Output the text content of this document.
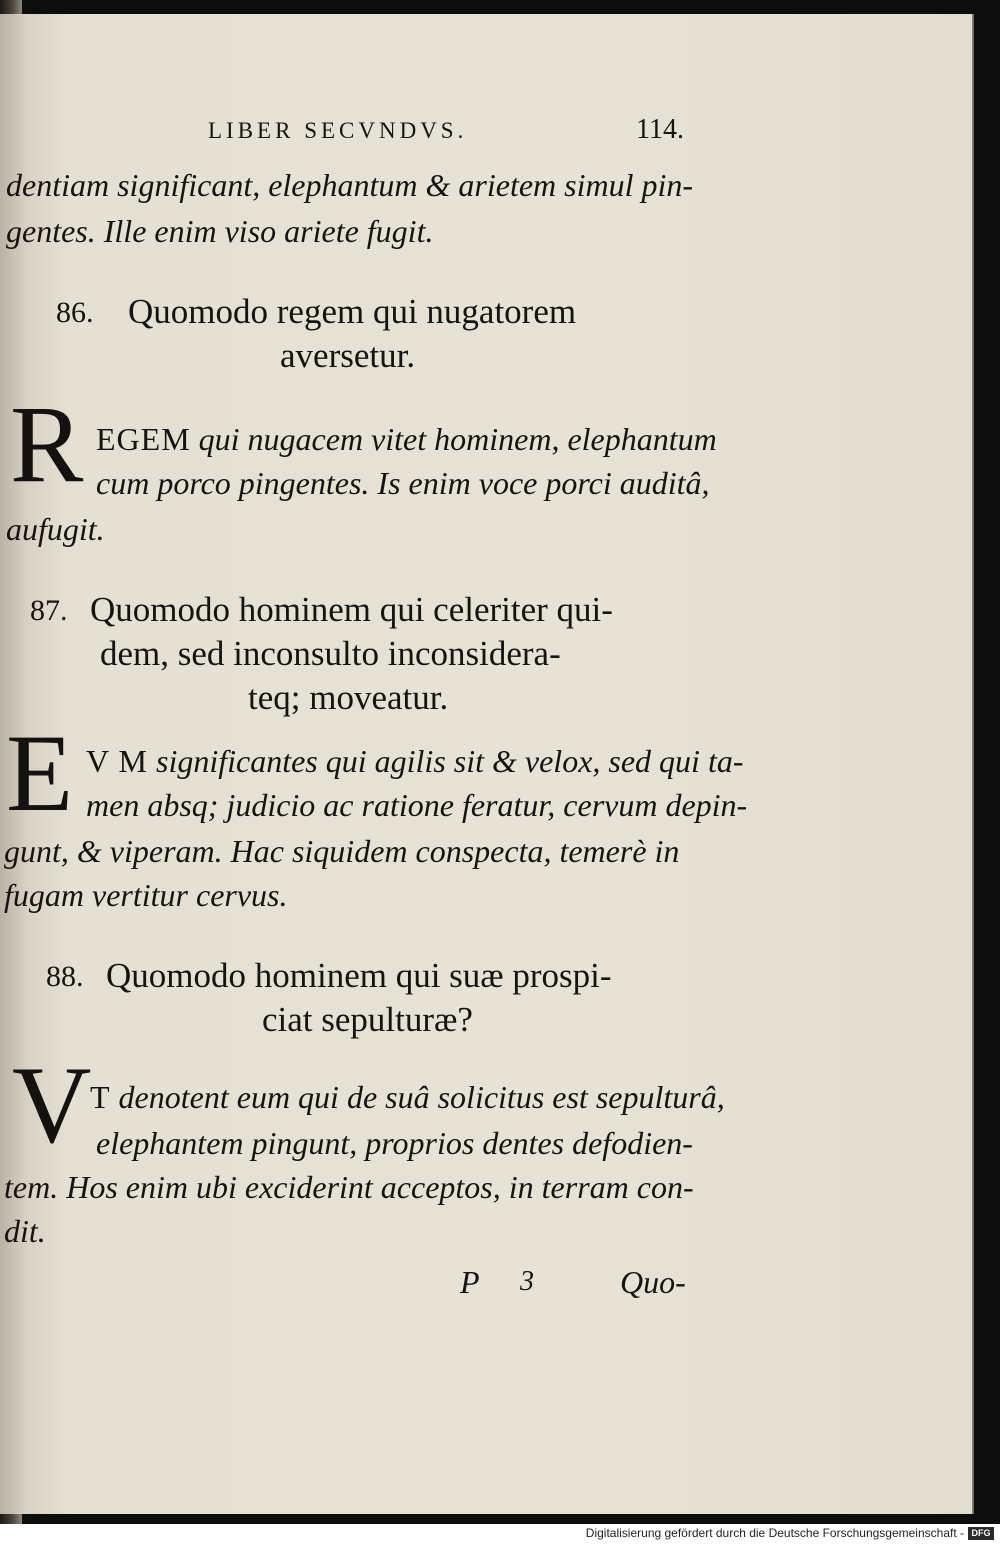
LIBER SECVNDVS.	114.
dentiam significant, elephantum & arietem simul pin-
gentes. Ille enim viso ariete fugit.
86. Quomodo regem qui nugatorem
aversetur.
R EGEM qui nugacem vitet hominem, elephantum
cum porco pingentes. Is enim voce porci auditâ,
aufugit.
87. Quomodo hominem qui celeriter qui-
dem, sed inconsulto inconsidera-
teq; moveatur.
E V M significantes qui agilis sit & velox, sed qui ta-
men absq; judicio ac ratione feratur, cervum depin-
gunt, & viperam. Hac siquidem conspecta, temerè in
fugam vertitur cervus.
88. Quomodo hominem qui suæ prospi-
ciat sepulturæ?
V
T denotent eum qui de suâ solicitus est sepulturâ,
elephantem pingunt, proprios dentes defodien-
tem. Hos enim ubi exciderint acceptos, in terram con-
dit.
P 3	Quo-
Digitalisierung gefördert durch die Deutsche Forschungsgemeinschaft - DFG
